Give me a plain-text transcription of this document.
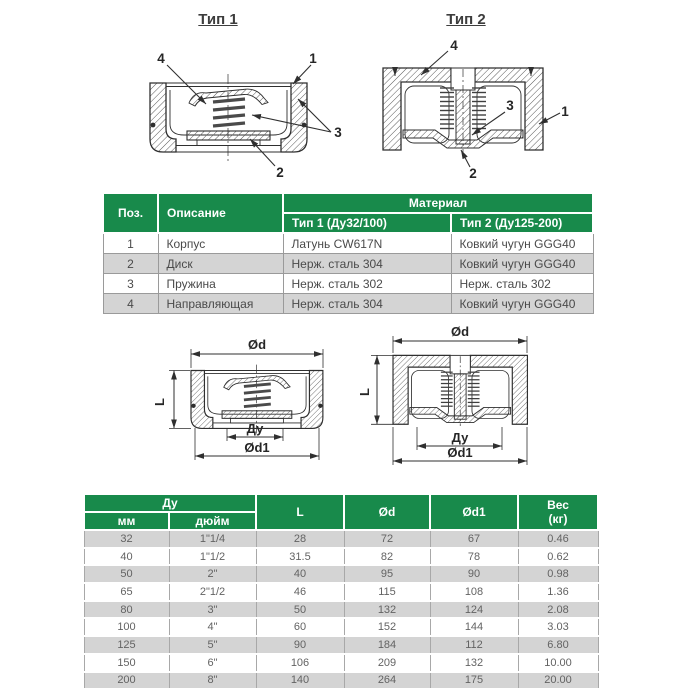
Тип 1	Тип 2
4	1
3
2
4
1
3
2
Поз.	Описание	Материал	
		Тип 1 (Ду32/100)	Тип 2 (Ду125-200)
1	Корпус	Латунь CW617N	Ковкий чугун GGG40
2	Диск	Нерж. сталь 304	Ковкий чугун GGG40
3	Пружина	Нерж. сталь 302	Нерж. сталь 302
4	Направляющая	Нерж. сталь 304	Ковкий чугун GGG40
Ød
L
Ду
Ød1
Ød
L
Ду
Ød1
Ду		L	Ød	Ød1	Вес
(кг)

мм	дюйм				
32	1"1/4	28	72	67	0.46
40	1"1/2	31.5	82	78	0.62
50	2"	40	95	90	0.98
65	2"1/2	46	115	108	1.36
80	3"	50	132	124	2.08
100	4"	60	152	144	3.03
125	5"	90	184	112	6.80
150	6"	106	209	132	10.00
200	8"	140	264	175	20.00
